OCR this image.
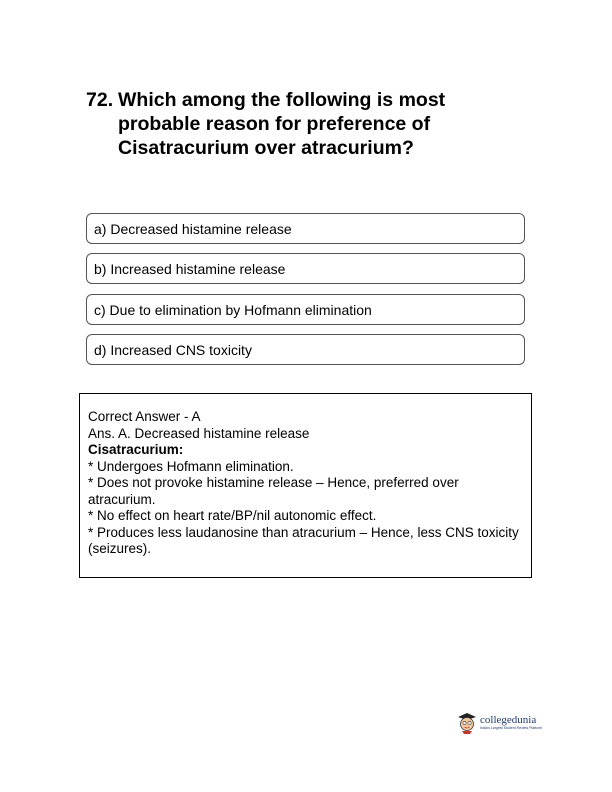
72. Which among the following is most probable reason for preference of Cisatracurium over atracurium?
a) Decreased histamine release
b) Increased histamine release
c) Due to elimination by Hofmann elimination
d) Increased CNS toxicity
Correct Answer - A
Ans. A. Decreased histamine release
Cisatracurium:
* Undergoes Hofmann elimination.
* Does not provoke histamine release – Hence, preferred over atracurium.
* No effect on heart rate/BP/nil autonomic effect.
* Produces less laudanosine than atracurium – Hence, less CNS toxicity (seizures).
collegedunia
India's Largest Student Review Platform
